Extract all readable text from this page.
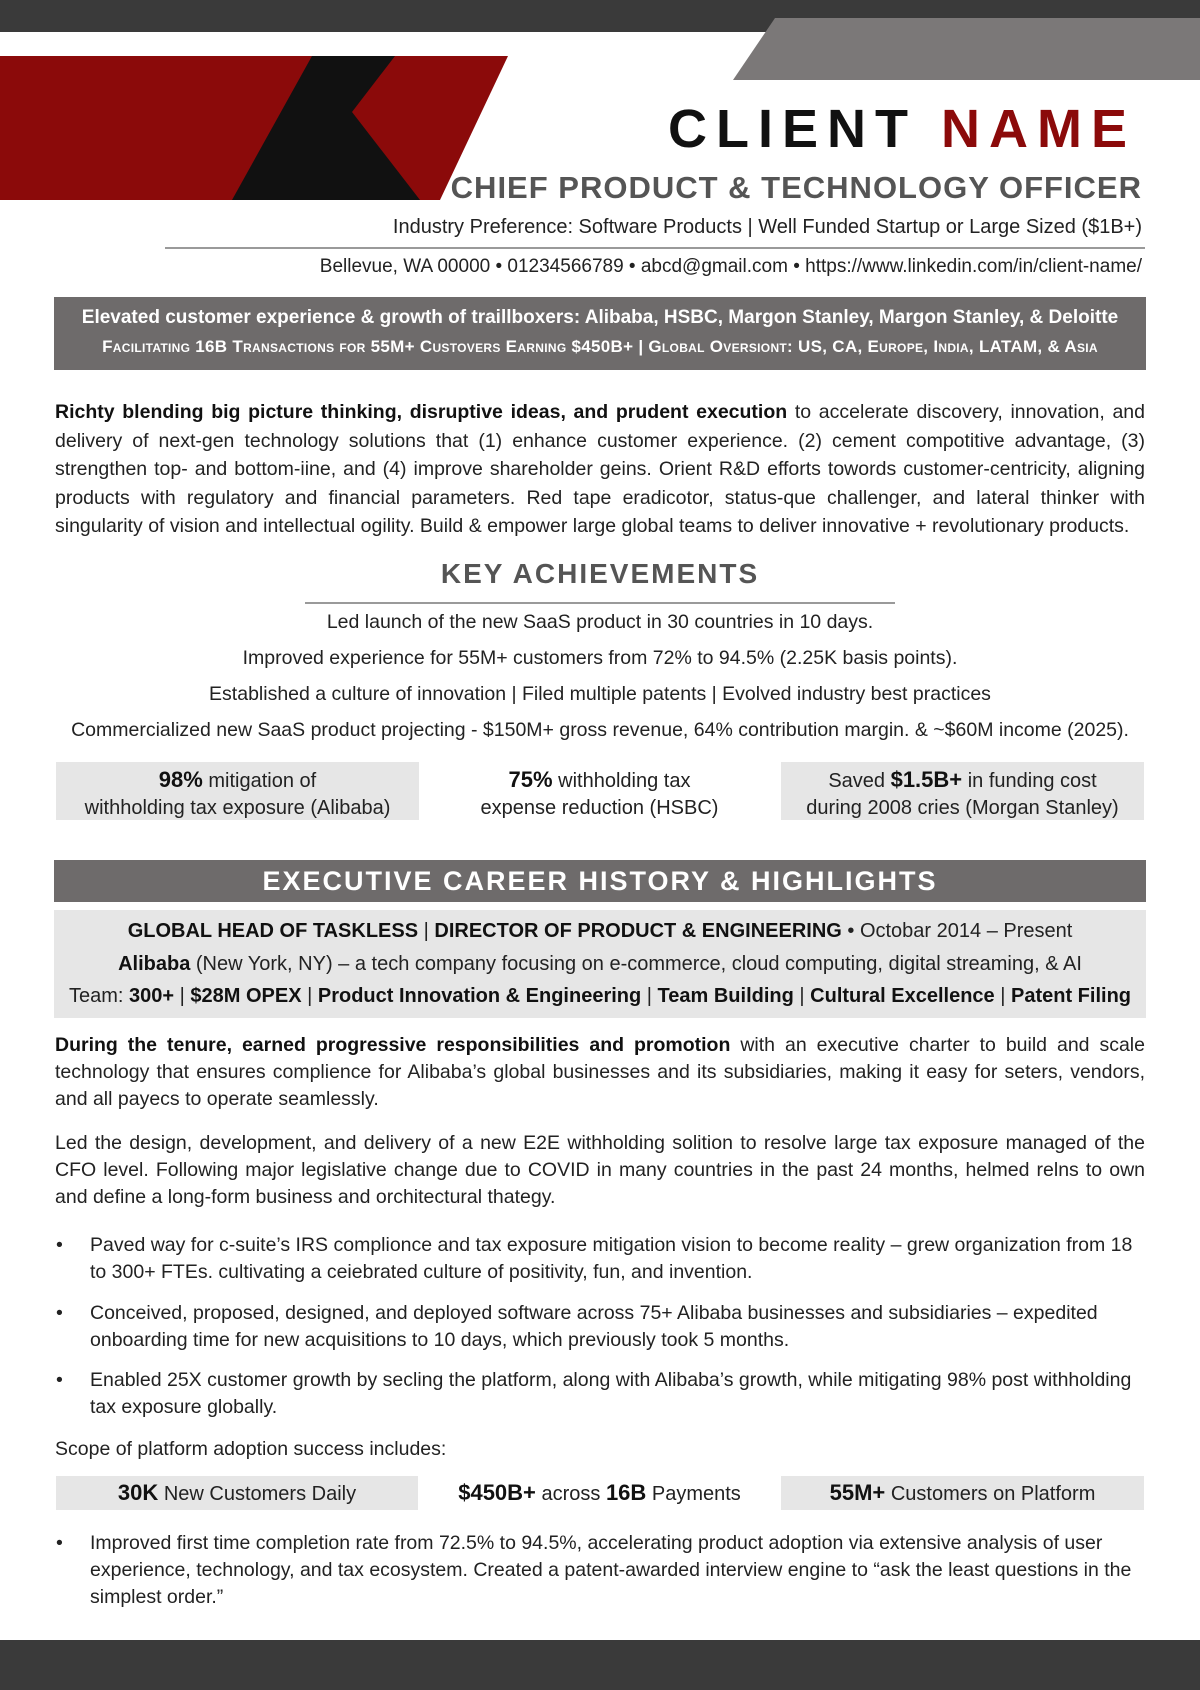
CLIENT NAME
CHIEF PRODUCT & TECHNOLOGY OFFICER
Industry Preference: Software Products | Well Funded Startup or Large Sized ($1B+)
Bellevue, WA 00000 • 01234566789 • abcd@gmail.com • https://www.linkedin.com/in/client-name/
Elevated customer experience & growth of traillboxers: Alibaba, HSBC, Margon Stanley, Margon Stanley, & Deloitte
Facilitating 16B Transactions for 55M+ Custovers Earning $450B+ | Global Oversiont: US, CA, Europe, India, LATAM, & Asia
Richty blending big picture thinking, disruptive ideas, and prudent execution to accelerate discovery, innovation, and delivery of next-gen technology solutions that (1) enhance customer experience. (2) cement compotitive advantage, (3) strengthen top- and bottom-iine, and (4) improve shareholder geins. Orient R&D efforts towords customer-centricity, aligning products with regulatory and financial parameters. Red tape eradicotor, status-que challenger, and lateral thinker with singularity of vision and intellectual ogility. Build & empower large global teams to deliver innovative + revolutionary products.
KEY ACHIEVEMENTS
Led launch of the new SaaS product in 30 countries in 10 days.
Improved experience for 55M+ customers from 72% to 94.5% (2.25K basis points).
Established a culture of innovation | Filed multiple patents | Evolved industry best practices
Commercialized new SaaS product projecting - $150M+ gross revenue, 64% contribution margin. & ~$60M income (2025).
98% mitigation of
withholding tax exposure (Alibaba)
75% withholding tax
expense reduction (HSBC)
Saved $1.5B+ in funding cost
during 2008 cries (Morgan Stanley)
EXECUTIVE CAREER HISTORY & HIGHLIGHTS
GLOBAL HEAD OF TASKLESS | DIRECTOR OF PRODUCT & ENGINEERING • Octobar 2014 – Present
Alibaba (New York, NY) – a tech company focusing on e-commerce, cloud computing, digital streaming, & AI
Team: 300+ | $28M OPEX | Product Innovation & Engineering | Team Building | Cultural Excellence | Patent Filing
During the tenure, earned progressive responsibilities and promotion with an executive charter to build and scale technology that ensures complience for Alibaba’s global businesses and its subsidiaries, making it easy for seters, vendors, and all payecs to operate seamlessly.
Led the design, development, and delivery of a new E2E withholding solition to resolve large tax exposure managed of the CFO level. Following major legislative change due to COVID in many countries in the past 24 months, helmed relns to own and define a long-form business and orchitectural thategy.
• Paved way for c-suite’s IRS complionce and tax exposure mitigation vision to become reality – grew organization from 18 to 300+ FTEs. cultivating a ceiebrated culture of positivity, fun, and invention.
• Conceived, proposed, designed, and deployed software across 75+ Alibaba businesses and subsidiaries – expedited onboarding time for new acquisitions to 10 days, which previously took 5 months.
• Enabled 25X customer growth by secling the platform, along with Alibaba’s growth, while mitigating 98% post withholding tax exposure globally.
Scope of platform adoption success includes:
30K New Customers Daily	$450B+ across 16B Payments	55M+ Customers on Platform
• Improved first time completion rate from 72.5% to 94.5%, accelerating product adoption via extensive analysis of user experience, technology, and tax ecosystem. Created a patent-awarded interview engine to “ask the least questions in the simplest order.”
